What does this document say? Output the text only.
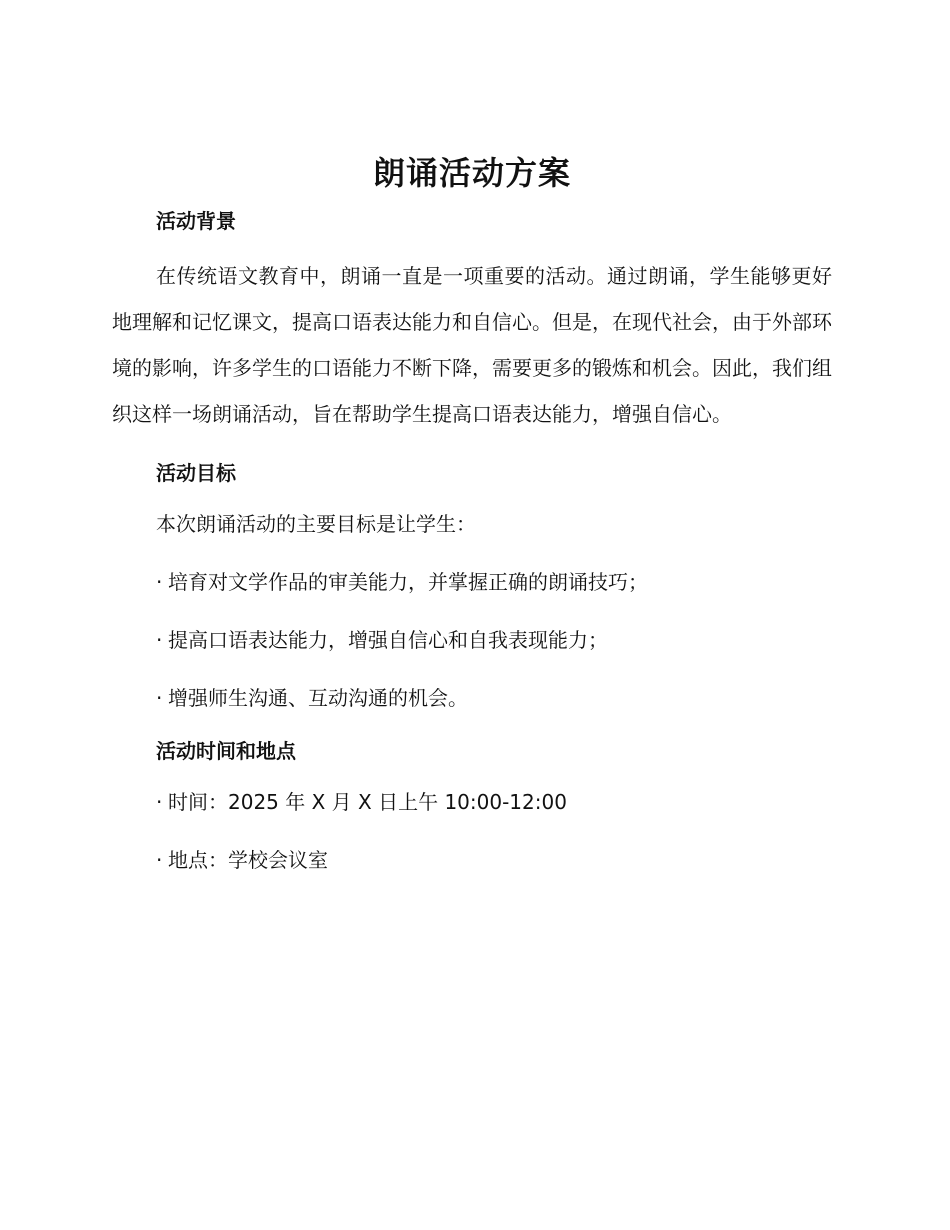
朗诵活动方案
活动背景

在传统语文教育中，朗诵一直是一项重要的活动。通过朗诵，学生能够更好地理解和记忆课文，提高口语表达能力和自信心。但是，在现代社会，由于外部环境的影响，许多学生的口语能力不断下降，需要更多的锻炼和机会。因此，我们组织这样一场朗诵活动，旨在帮助学生提高口语表达能力，增强自信心。

活动目标

本次朗诵活动的主要目标是让学生：

· 培育对文学作品的审美能力，并掌握正确的朗诵技巧；
· 提高口语表达能力，增强自信心和自我表现能力；
· 增强师生沟通、互动沟通的机会。
活动时间和地点
· 时间：2025 年 X 月 X 日上午 10:00-12:00
· 地点：学校会议室
